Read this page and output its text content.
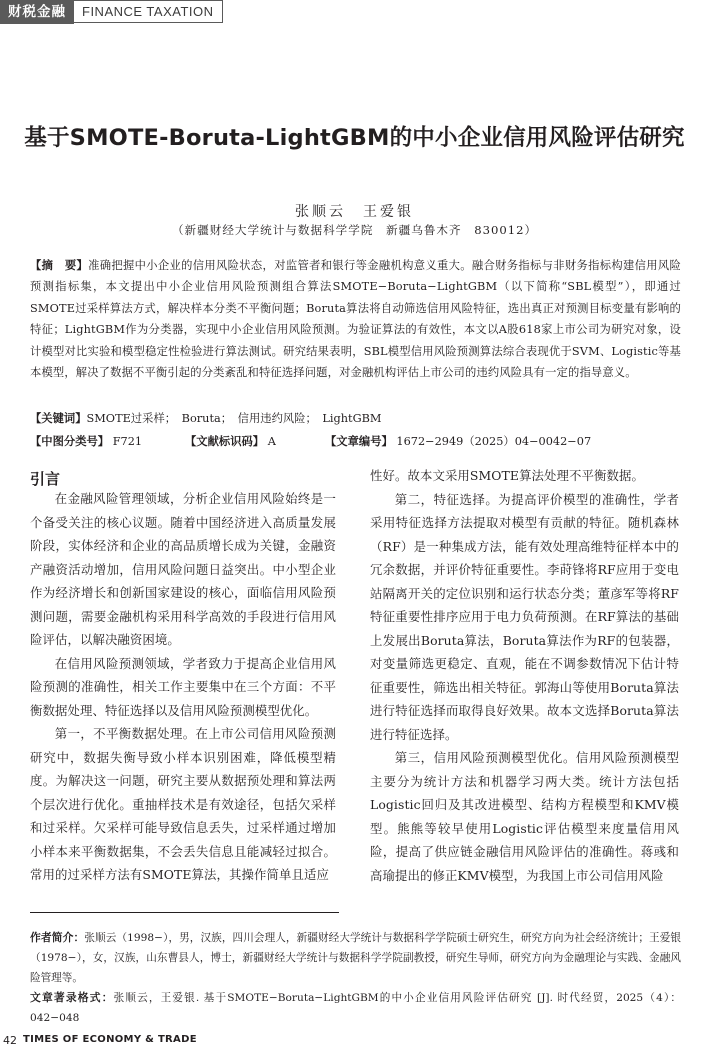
财税金融	FINANCE TAXATION
基于SMOTE-Boruta-LightGBM的中小企业信用风险评估研究
张顺云　王爱银
（新疆财经大学统计与数据科学学院　新疆乌鲁木齐　830012）
【摘　要】准确把握中小企业的信用风险状态，对监管者和银行等金融机构意义重大。融合财务指标与非财务指标构建信用风险预测指标集，本文提出中小企业信用风险预测组合算法SMOTE−Boruta−LightGBM（以下简称“SBL模型”），即通过SMOTE过采样算法方式，解决样本分类不平衡问题；Boruta算法将自动筛选信用风险特征，选出真正对预测目标变量有影响的特征；LightGBM作为分类器，实现中小企业信用风险预测。为验证算法的有效性，本文以A股618家上市公司为研究对象，设计模型对比实验和模型稳定性检验进行算法测试。研究结果表明，SBL模型信用风险预测算法综合表现优于SVM、Logistic等基本模型，解决了数据不平衡引起的分类紊乱和特征选择问题，对金融机构评估上市公司的违约风险具有一定的指导意义。
【关键词】SMOTE过采样；　Boruta；　信用违约风险；　LightGBM
【中图分类号】 F721	【文献标识码】 A	【文章编号】 1672−2949（2025）04−0042−07
引言

在金融风险管理领域，分析企业信用风险始终是一个备受关注的核心议题。随着中国经济进入高质量发展阶段，实体经济和企业的高品质增长成为关键，金融资产融资活动增加，信用风险问题日益突出。中小型企业作为经济增长和创新国家建设的核心，面临信用风险预测问题，需要金融机构采用科学高效的手段进行信用风险评估，以解决融资困境。

在信用风险预测领域，学者致力于提高企业信用风险预测的准确性，相关工作主要集中在三个方面：不平衡数据处理、特征选择以及信用风险预测模型优化。

第一，不平衡数据处理。在上市公司信用风险预测研究中，数据失衡导致小样本识别困难，降低模型精度。为解决这一问题，研究主要从数据预处理和算法两个层次进行优化。重抽样技术是有效途径，包括欠采样和过采样。欠采样可能导致信息丢失，过采样通过增加小样本来平衡数据集，不会丢失信息且能减轻过拟合。常用的过采样方法有SMOTE算法，其操作简单且适应

性好。故本文采用SMOTE算法处理不平衡数据。

第二，特征选择。为提高评价模型的准确性，学者采用特征选择方法提取对模型有贡献的特征。随机森林（RF）是一种集成方法，能有效处理高维特征样本中的冗余数据，并评价特征重要性。李莳锋将RF应用于变电站隔离开关的定位识别和运行状态分类；董彦军等将RF特征重要性排序应用于电力负荷预测。在RF算法的基础上发展出Boruta算法，Boruta算法作为RF的包装器，对变量筛选更稳定、直观，能在不调参数情况下估计特征重要性，筛选出相关特征。郭海山等使用Boruta算法进行特征选择而取得良好效果。故本文选择Boruta算法进行特征选择。

第三，信用风险预测模型优化。信用风险预测模型主要分为统计方法和机器学习两大类。统计方法包括Logistic回归及其改进模型、结构方程模型和KMV模型。熊熊等较早使用Logistic评估模型来度量信用风险，提高了供应链金融信用风险评估的准确性。蒋彧和高瑜提出的修正KMV模型，为我国上市公司信用风险

作者简介：张顺云（1998−），男，汉族，四川会理人，新疆财经大学统计与数据科学学院硕士研究生，研究方向为社会经济统计；王爱银（1978−），女，汉族，山东曹县人，博士，新疆财经大学统计与数据科学学院副教授，研究生导师，研究方向为金融理论与实践、金融风险管理等。
文章著录格式：张顺云，王爱银. 基于SMOTE−Boruta−LightGBM的中小企业信用风险评估研究 [J]. 时代经贸，2025（4）：042−048
42 TIMES OF ECONOMY & TRADE
